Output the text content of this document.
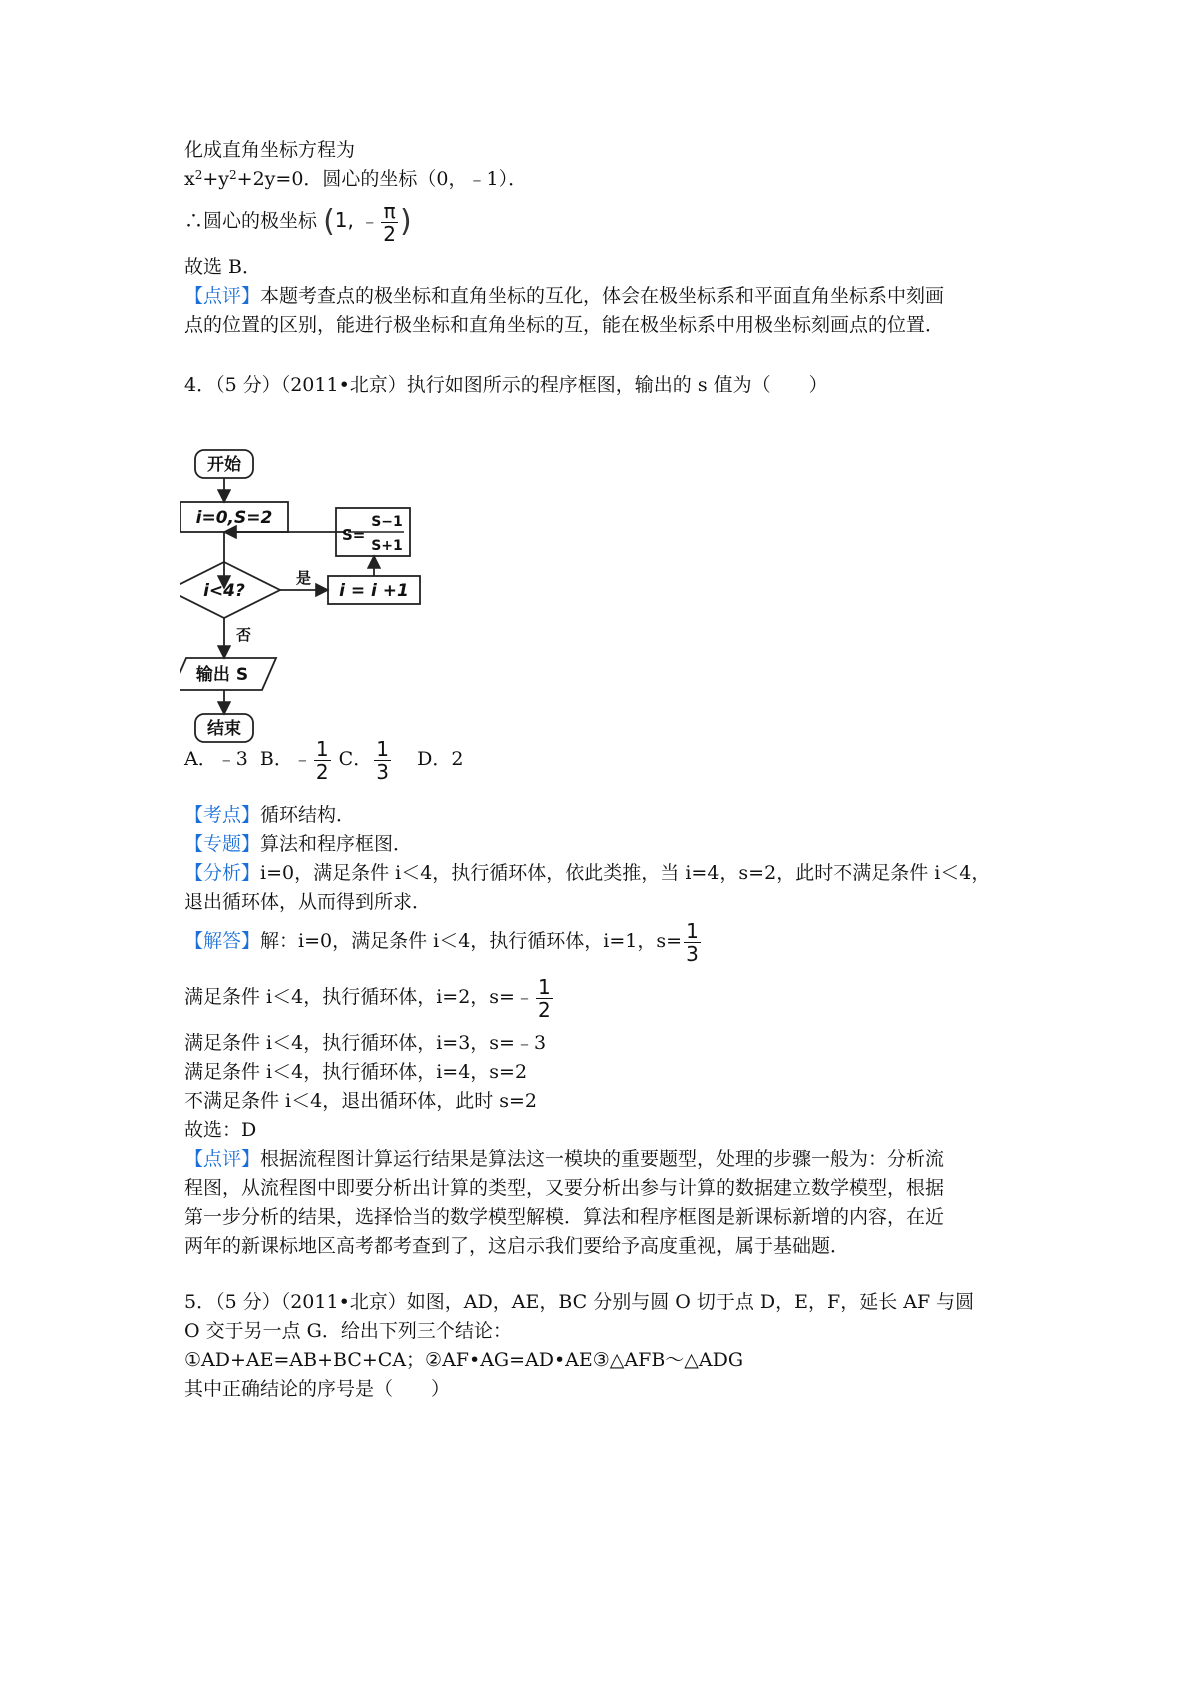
化成直角坐标方程为
$x^2+y^2+2y=0$．圆心的坐标（0，﹣1）．
∴圆心的极坐标 (1, ﹣ $\frac{\pi}{2}$ )
故选 B．
【点评】本题考查点的极坐标和直角坐标的互化，体会在极坐标系和平面直角坐标系中刻画
点的位置的区别，能进行极坐标和直角坐标的互，能在极坐标系中用极坐标刻画点的位置．
4．（5 分）（2011•北京）执行如图所示的程序框图，输出的 s 值为（　　）
开始
i=0,S=2
i<4?
是
否
i = i +1
S=
S−1
S+1
输出 S
结束
A．﹣3 B．﹣ $\frac{1}{2}$ C． $\frac{1}{3}$ D．2
【考点】循环结构．
【专题】算法和程序框图．
【分析】i=0，满足条件 i＜4，执行循环体，依此类推，当 i=4，s=2，此时不满足条件 i＜4，
退出循环体，从而得到所求．
【解答】解：i=0，满足条件 i＜4，执行循环体，i=1，$s= \frac{1}{3}$
满足条件 i＜4，执行循环体，i=2，s=﹣ $\frac{1}{2}$
满足条件 i＜4，执行循环体，i=3，s=﹣3
满足条件 i＜4，执行循环体，i=4，s=2
不满足条件 i＜4，退出循环体，此时 s=2
故选：D
【点评】根据流程图计算运行结果是算法这一模块的重要题型，处理的步骤一般为：分析流
程图，从流程图中即要分析出计算的类型，又要分析出参与计算的数据建立数学模型，根据
第一步分析的结果，选择恰当的数学模型解模．算法和程序框图是新课标新增的内容，在近
两年的新课标地区高考都考查到了，这启示我们要给予高度重视，属于基础题．
5．（5 分）（2011•北京）如图，AD，AE，BC 分别与圆 O 切于点 D，E，F，延长 AF 与圆
O 交于另一点 G．给出下列三个结论：
①AD+AE=AB+BC+CA；②AF•AG=AD•AE③△AFB～△ADG
其中正确结论的序号是（　　）
